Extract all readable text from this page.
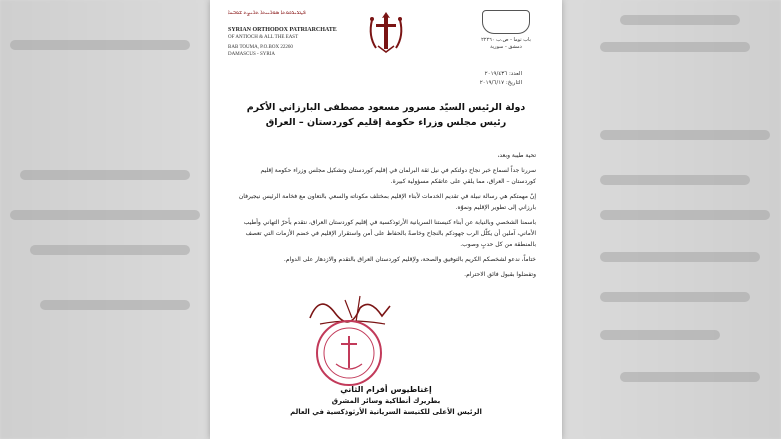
ܦܛܪܝܪܟܘܬܐ ܣܘܪܝܝܬܐ ܬܪܝܨܬ ܫܘܒܚܐ
SYRIAN ORTHODOX PATRIARCHATE
OF ANTIOCH & ALL THE EAST
BAB TOUMA, P.O.BOX 22260
DAMASCUS - SYRIA
باب توما - ص.ب ٢٢٢٦٠
دمشق - سورية
العدد: ٢٠١٩/٤٣٦
التاريخ: ٢٠١٩/٦/١٧
دولة الرئيس السيّد مسرور مسعود مصطفى البارزاني الأكرم
رئيس مجلس وزراء حكومة إقليم كوردستان – العراق

تحية طيبة وبعد،

سررنا جداً لسماع خبر نجاح دولتكم في نيل ثقة البرلمان في إقليم كوردستان وتشكيل مجلس وزراء حكومة إقليم كوردستان – العراق، مما يلقي على عاتقكم مسؤولية كبيرة.

إنّ مهمتكم هي رسالة نبيلة في تقديم الخدمات لأبناء الإقليم بمختلف مكوناته والسعي بالتعاون مع فخامة الرئيس نيجيرفان بارزاني إلى تطوير الإقليم ونموّه.

باسمنا الشخصي وبالنيابة عن أبناء كنيستنا السريانية الأرثوذكسية في إقليم كوردستان العراق، نتقدم بأحرّ التهاني وأطيب الأماني، آملين أن يكلّل الرب جهودكم بالنجاح وخاصةً بالحفاظ على أمن واستقرار الإقليم في خضم الأزمات التي تعصف بالمنطقة من كل حدبٍ وصوب.

ختاماً، ندعو لشخصكم الكريم بالتوفيق والصحة، ولإقليم كوردستان العراق بالتقدم والازدهار على الدوام.

وتفضلوا بقبول فائق الاحترام.

إغناطيوس أفرام الثاني
بطريرك أنطاكية وسائر المشرق
الرئيس الأعلى للكنيسة السريانية الأرثوذكسية في العالم
